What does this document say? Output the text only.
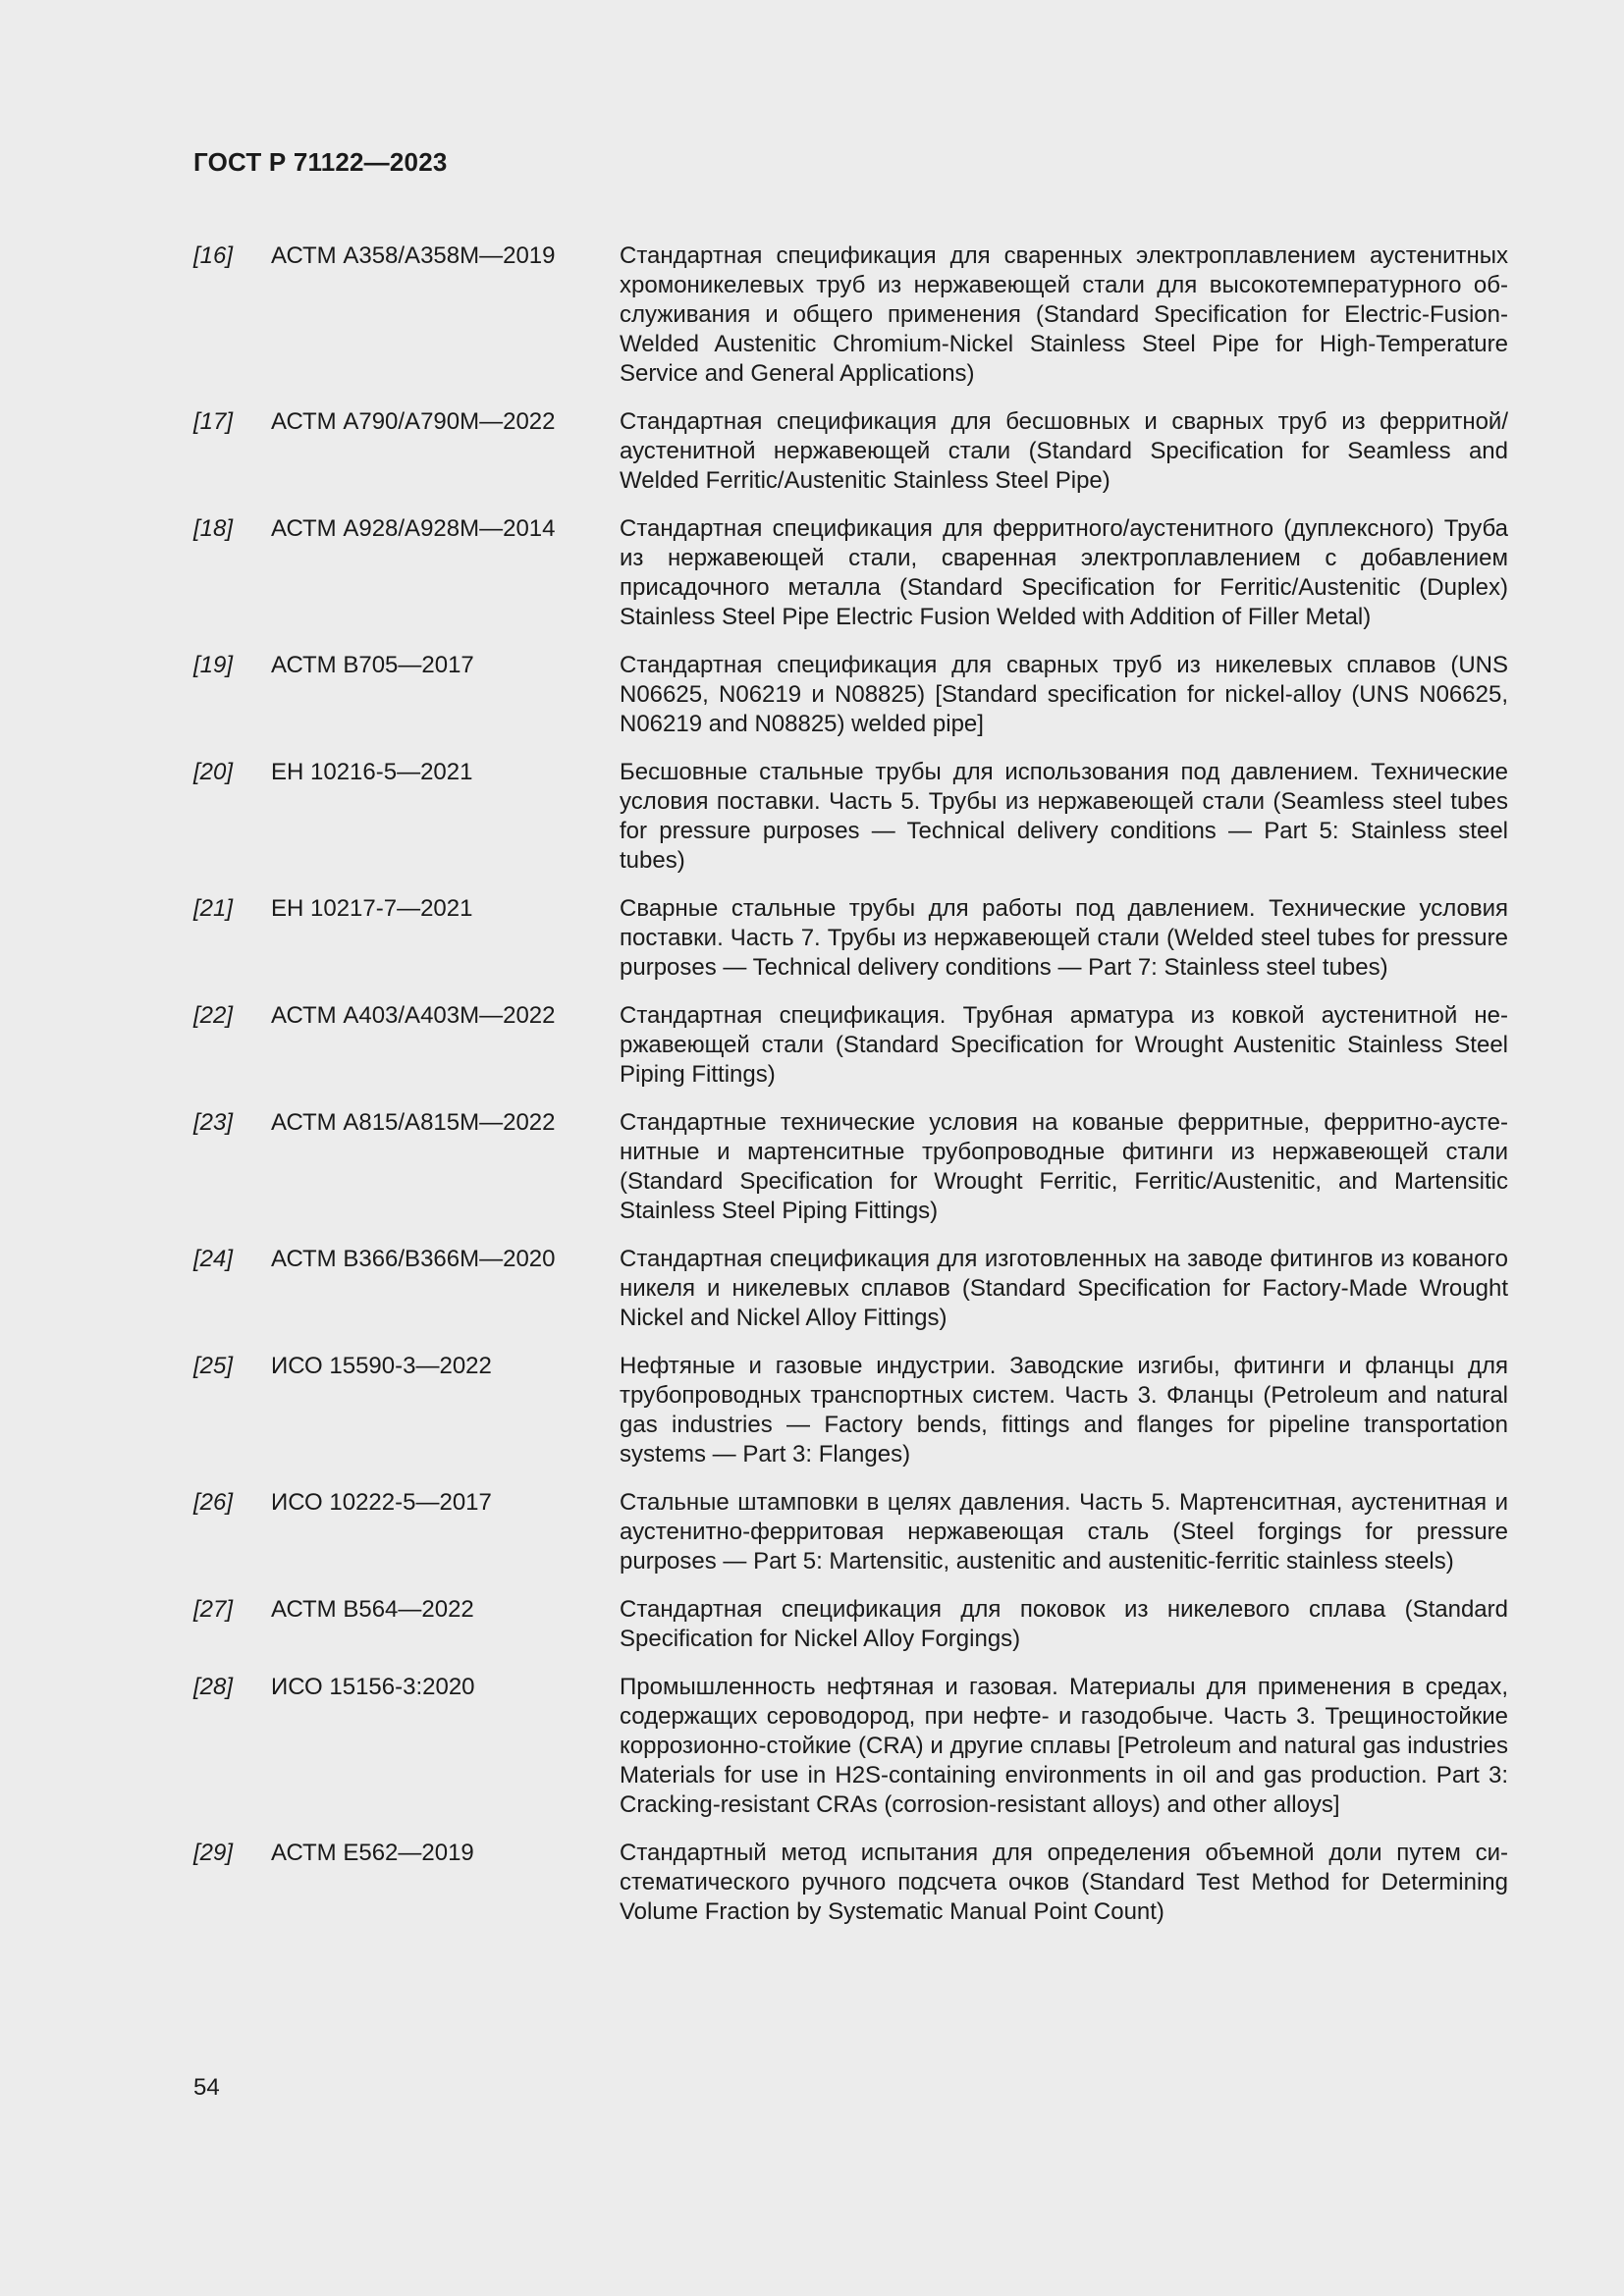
ГОСТ Р 71122—2023
[16]	АСТМ А358/А358М—2019	Стандартная спецификация для сваренных электроплавлением аустенитных хромоникелевых труб из нержавеющей стали для высокотемпературного обслуживания и общего применения (Standard Specification for Electric-Fusion-Welded Austenitic Chromium-Nickel Stainless Steel Pipe for High-Temperature Service and General Applications)
[17]	АСТМ А790/А790М—2022	Стандартная спецификация для бесшовных и сварных труб из ферритной/ аустенитной нержавеющей стали (Standard Specification for Seamless and Welded Ferritic/Austenitic Stainless Steel Pipe)
[18]	АСТМ А928/А928М—2014	Стандартная спецификация для ферритного/аустенитного (дуплексного) Труба из нержавеющей стали, сваренная электроплавлением с добавлением присадочного металла (Standard Specification for Ferritic/Austenitic (Duplex) Stainless Steel Pipe Electric Fusion Welded with Addition of Filler Metal)
[19]	АСТМ В705—2017	Стандартная спецификация для сварных труб из никелевых сплавов (UNS N06625, N06219 и N08825) [Standard specification for nickel-alloy (UNS N06625, N06219 and N08825) welded pipe]
[20]	ЕН 10216-5—2021	Бесшовные стальные трубы для использования под давлением. Технические условия поставки. Часть 5. Трубы из нержавеющей стали (Seamless steel tubes for pressure purposes — Technical delivery conditions — Part 5: Stainless steel tubes)
[21]	ЕН 10217-7—2021	Сварные стальные трубы для работы под давлением. Технические условия поставки. Часть 7. Трубы из нержавеющей стали (Welded steel tubes for pressure purposes — Technical delivery conditions — Part 7: Stainless steel tubes)
[22]	АСТМ А403/А403М—2022	Стандартная спецификация. Трубная арматура из ковкой аустенитной нержавеющей стали (Standard Specification for Wrought Austenitic Stainless Steel Piping Fittings)
[23]	АСТМ А815/А815М—2022	Стандартные технические условия на кованые ферритные, ферритно-аустенитные и мартенситные трубопроводные фитинги из нержавеющей стали (Standard Specification for Wrought Ferritic, Ferritic/Austenitic, and Martensitic Stainless Steel Piping Fittings)
[24]	АСТМ В366/В366М—2020	Стандартная спецификация для изготовленных на заводе фитингов из кованого никеля и никелевых сплавов (Standard Specification for Factory-Made Wrought Nickel and Nickel Alloy Fittings)
[25]	ИСО 15590-3—2022	Нефтяные и газовые индустрии. Заводские изгибы, фитинги и фланцы для трубопроводных транспортных систем. Часть 3. Фланцы (Petroleum and natural gas industries — Factory bends, fittings and flanges for pipeline transportation systems — Part 3: Flanges)
[26]	ИСО 10222-5—2017	Стальные штамповки в целях давления. Часть 5. Мартенситная, аустенитная и аустенитно-ферритовая нержавеющая сталь (Steel forgings for pressure purposes — Part 5: Martensitic, austenitic and austenitic-ferritic stainless steels)
[27]	АСТМ В564—2022	Стандартная спецификация для поковок из никелевого сплава (Standard Specification for Nickel Alloy Forgings)
[28]	ИСО 15156-3:2020	Промышленность нефтяная и газовая. Материалы для применения в средах, содержащих сероводород, при нефте- и газодобыче. Часть 3. Трещиностойкие коррозионно-стойкие (CRA) и другие сплавы [Petroleum and natural gas industries Materials for use in H2S-containing environments in oil and gas production. Part 3: Cracking-resistant CRAs (corrosion-resistant alloys) and other alloys]
[29]	АСТМ Е562—2019	Стандартный метод испытания для определения объемной доли путем систематического ручного подсчета очков (Standard Test Method for Determining Volume Fraction by Systematic Manual Point Count)
54
